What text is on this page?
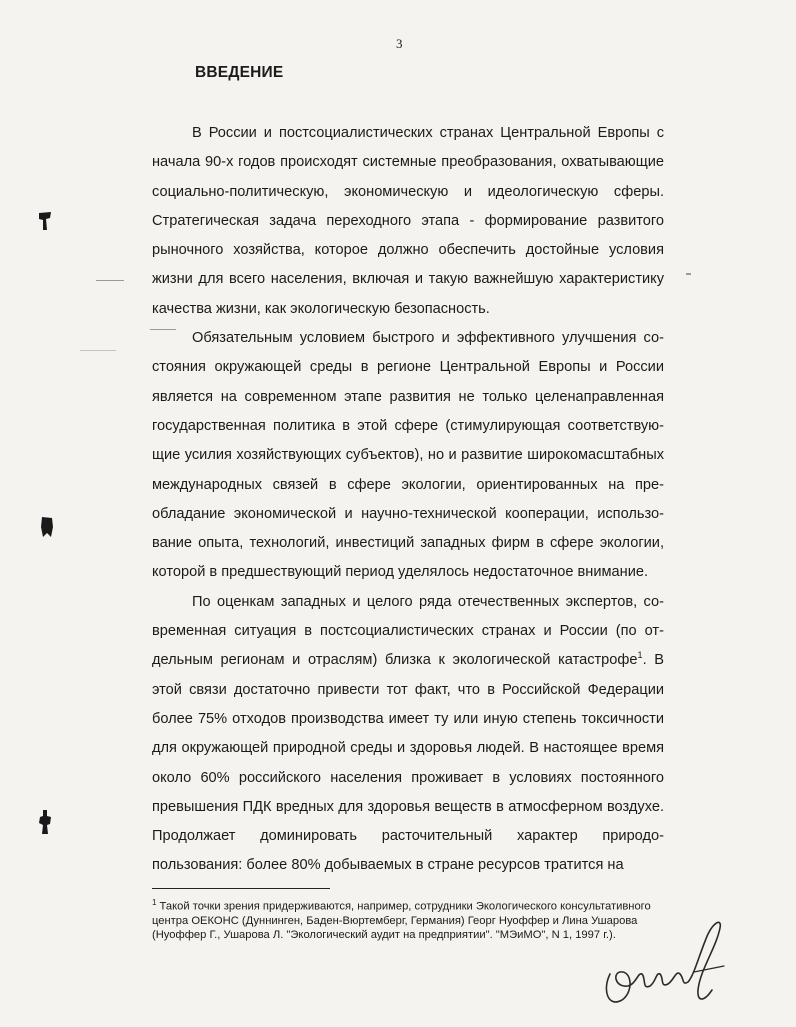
3
ВВЕДЕНИЕ

В России и постсоциалистических странах Центральной Европы с начала 90-х годов происходят системные преобразования, охватывающие социально-политическую, экономическую и идеологическую сферы. Стратегическая задача переходного этапа - формирование развитого рыночного хозяйства, которое должно обеспечить достойные условия жизни для всего населения, включая и такую важнейшую характеристику качества жизни, как экологическую безопасность.

Обязательным условием быстрого и эффективного улучшения состояния окружающей среды в регионе Центральной Европы и России является на современном этапе развития не только целенаправленная государственная политика в этой сфере (стимулирующая соответствующие усилия хозяйствующих субъектов), но и развитие широкомасштабных международных связей в сфере экологии, ориентированных на преобладание экономической и научно-технической кооперации, использование опыта, технологий, инвестиций западных фирм в сфере экологии, которой в предшествующий период уделялось недостаточное внимание.

По оценкам западных и целого ряда отечественных экспертов, современная ситуация в постсоциалистических странах и России (по отдельным регионам и отраслям) близка к экологической катастрофе$^1$. В этой связи достаточно привести тот факт, что в Российской Федерации более 75% отходов производства имеет ту или иную степень токсичности для окружающей природной среды и здоровья людей. В настоящее время около 60% российского населения проживает в условиях постоянного превышения ПДК вредных для здоровья веществ в атмосферном воздухе. Продолжает доминировать расточительный характер природопользования: более 80% добываемых в стране ресурсов тратится на

$^1$ Такой точки зрения придерживаются, например, сотрудники Экологического консультативного центра ОЕКОНС (Дуннинген, Баден-Вюртемберг, Германия) Георг Нуоффер и Лина Ушарова (Нуоффер Г., Ушарова Л. "Экологический аудит на предприятии". "МЭиМО", N 1, 1997 г.).
